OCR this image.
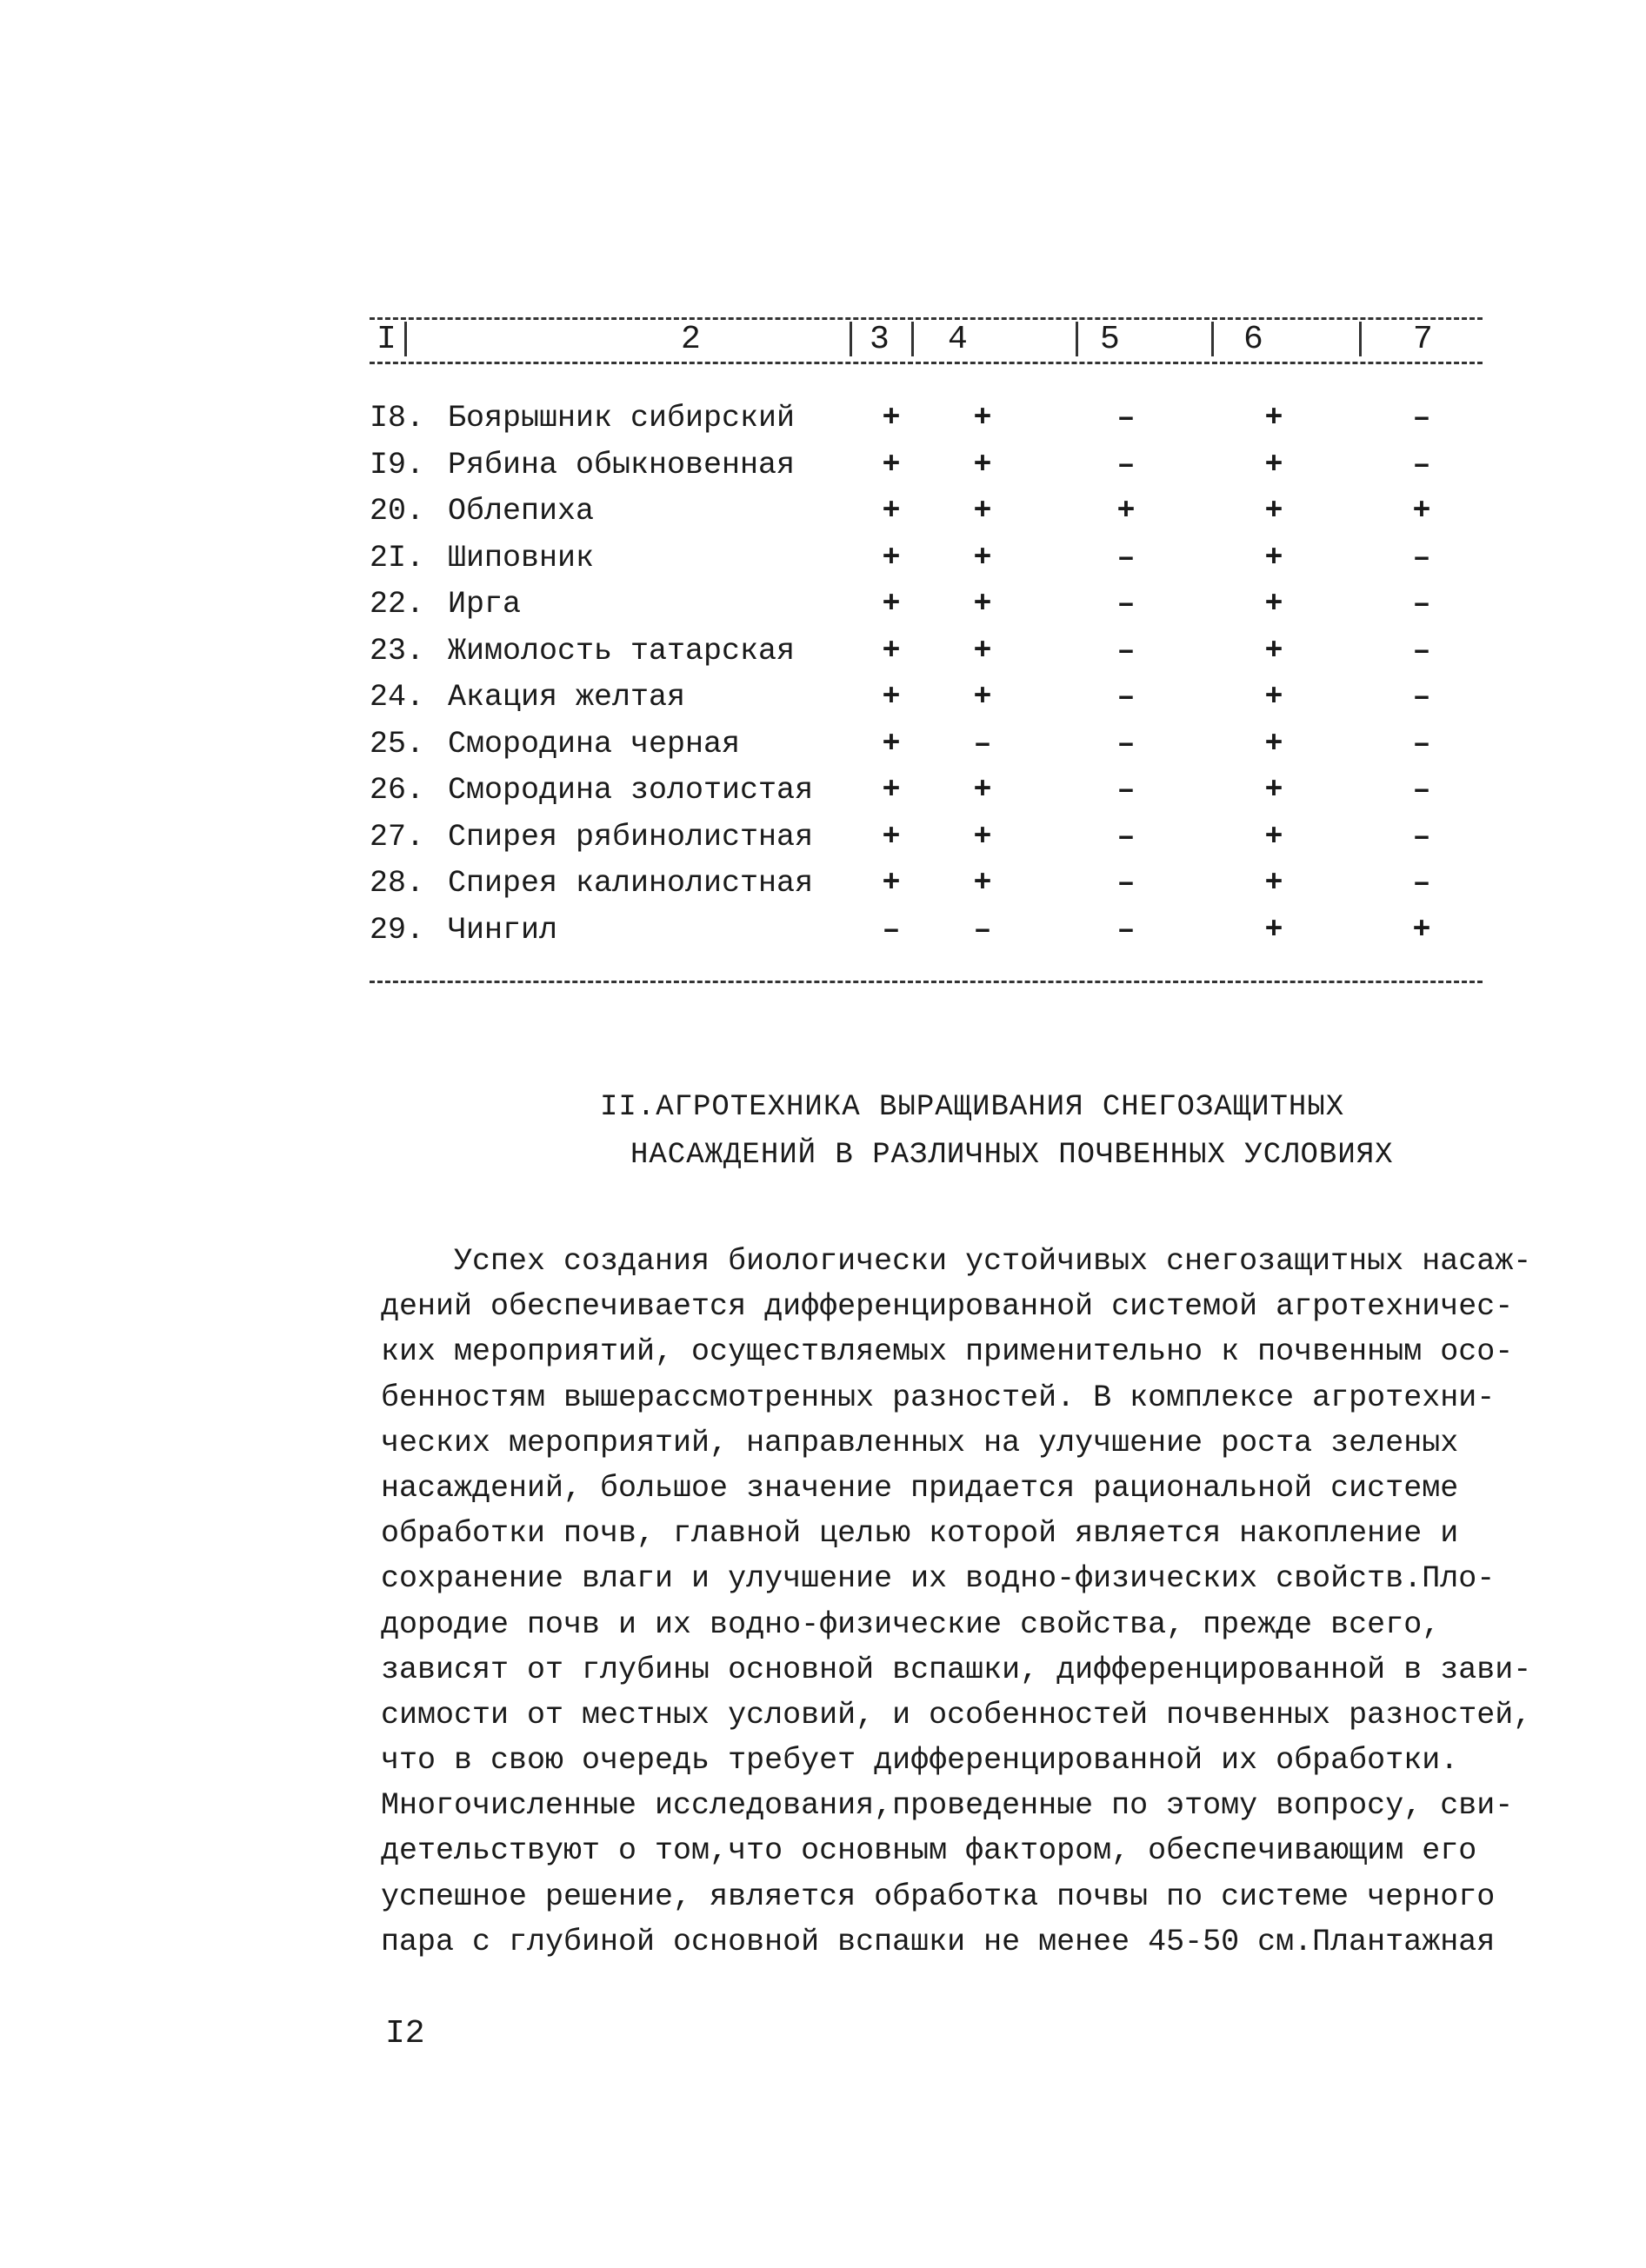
I	2	3 4	5	6	7
I8. Боярышник сибирский	+ +	–	+	–
I9. Рябина обыкновенная	+ +	–	+	–
20. Облепиха	+ +	+	+	+
2I. Шиповник	+ +	–	+	–
22. Ирга	+ +	–	+	–
23. Жимолость татарская	+ +	–	+	–
24. Акация желтая	+ +	–	+	–
25. Смородина черная	+ –	–	+	–
26. Смородина золотистая + +	–	+	–
27. Спирея рябинолистная + +	–	+	–
28. Спирея калинолистная + +	–	+	–
29. Чингил	– –	–	+	+
II.АГРОТЕХНИКА ВЫРАЩИВАНИЯ СНЕГОЗАЩИТНЫХ
НАСАЖДЕНИЙ В РАЗЛИЧНЫХ ПОЧВЕННЫХ УСЛОВИЯХ
Успех создания биологически устойчивых снегозащитных насаж-
дений обеспечивается дифференцированной системой агротехничес-
ких мероприятий, осуществляемых применительно к почвенным осо-
бенностям вышерассмотренных разностей. В комплексе агротехни-
ческих мероприятий, направленных на улучшение роста зеленых
насаждений, большое значение придается рациональной системе
обработки почв, главной целью которой является накопление и
сохранение влаги и улучшение их водно-физических свойств.Пло-
дородие почв и их водно-физические свойства, прежде всего,
зависят от глубины основной вспашки, дифференцированной в зави-
симости от местных условий, и особенностей почвенных разностей,
что в свою очередь требует дифференцированной их обработки.
Многочисленные исследования,проведенные по этому вопросу, сви-
детельствуют о том,что основным фактором, обеспечивающим его
успешное решение, является обработка почвы по системе черного
пара с глубиной основной вспашки не менее 45-50 см.Плантажная
I2
